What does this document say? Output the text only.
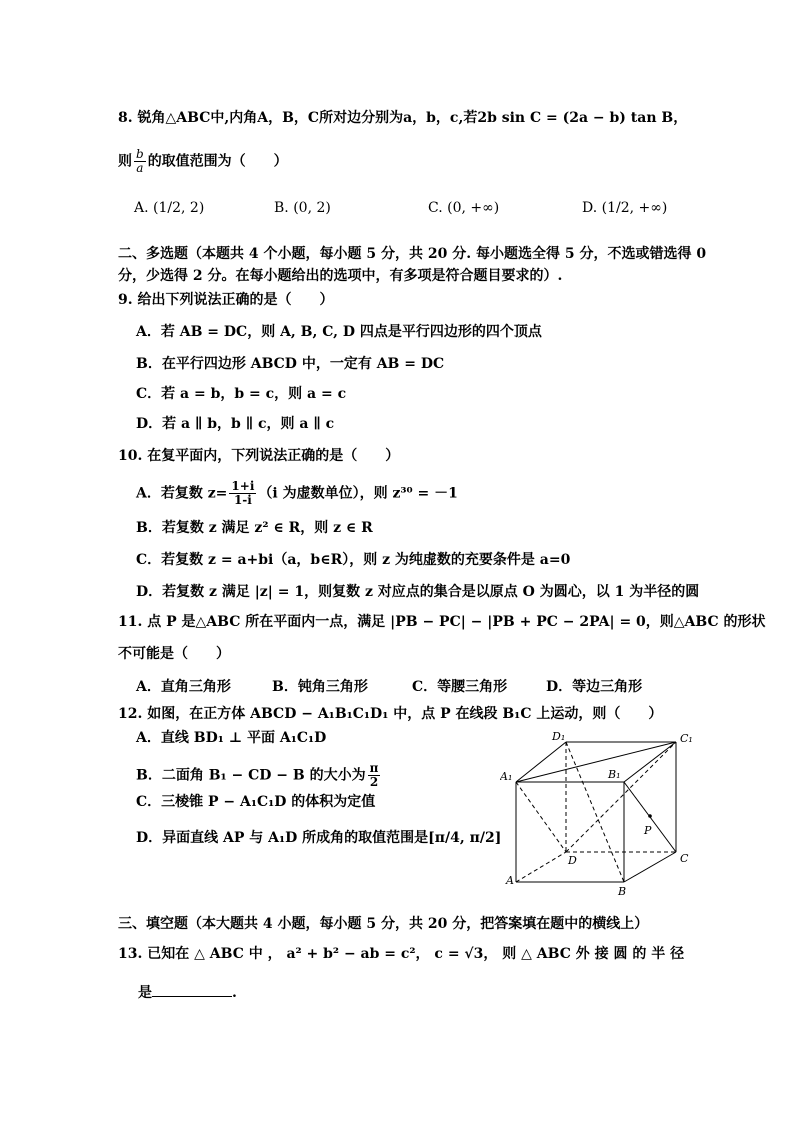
8. 锐角△ABC中,内角A，B，C所对边分别为a，b，c,若2b sin C = (2a − b) tan B，
则 $\frac{b}{a}$ 的取值范围为（　　）
A. (1/2, 2)	B. (0, 2)	C. (0, +∞)	D. (1/2, +∞)
二、多选题（本题共 4 个小题，每小题 5 分，共 20 分. 每小题选全得 5 分，不选或错选得 0
分，少选得 2 分。在每小题给出的选项中，有多项是符合题目要求的）.
9. 给出下列说法正确的是（　　）
A．若 AB = DC，则 A, B, C, D 四点是平行四边形的四个顶点
B．在平行四边形 ABCD 中，一定有 AB = DC
C．若 a = b，b = c，则 a = c
D．若 a ∥ b，b ∥ c，则 a ∥ c
10. 在复平面内，下列说法正确的是（　　）
A．若复数 $z= \frac{1+i}{1-i} (i$ 为虚数单位），则 z³⁰ = －1
B．若复数 z 满足 z² ∈ R，则 z ∈ R
C．若复数 z = a+bi（a，b∈R），则 z 为纯虚数的充要条件是 a=0
D．若复数 z 满足 |z| = 1，则复数 z 对应点的集合是以原点 O 为圆心，以 1 为半径的圆
11. 点 P 是△ABC 所在平面内一点，满足 |PB − PC| − |PB + PC − 2PA| = 0，则△ABC 的形状
不可能是（　　）
A．直角三角形	B．钝角三角形	C．等腰三角形	D．等边三角形
12. 如图，在正方体 ABCD − A₁B₁C₁D₁ 中，点 P 在线段 B₁C 上运动，则（　　）
A．直线 BD₁ ⊥ 平面 A₁C₁D
B．二面角 B₁ − CD − B 的大小为 $\frac{\pi}{2}$
C．三棱锥 P − A₁C₁D 的体积为定值
D．异面直线 AP 与 A₁D 所成角的取值范围是[π/4, π/2]
D₁	C₁
A₁	B₁
P
D	C
A
B
三、填空题（本大题共 4 小题，每小题 5 分，共 20 分，把答案填在题中的横线上）
13. 已知在 △ ABC 中 ， a² + b² − ab = c²， c = √3， 则 △ ABC 外 接 圆 的 半 径
是	.
